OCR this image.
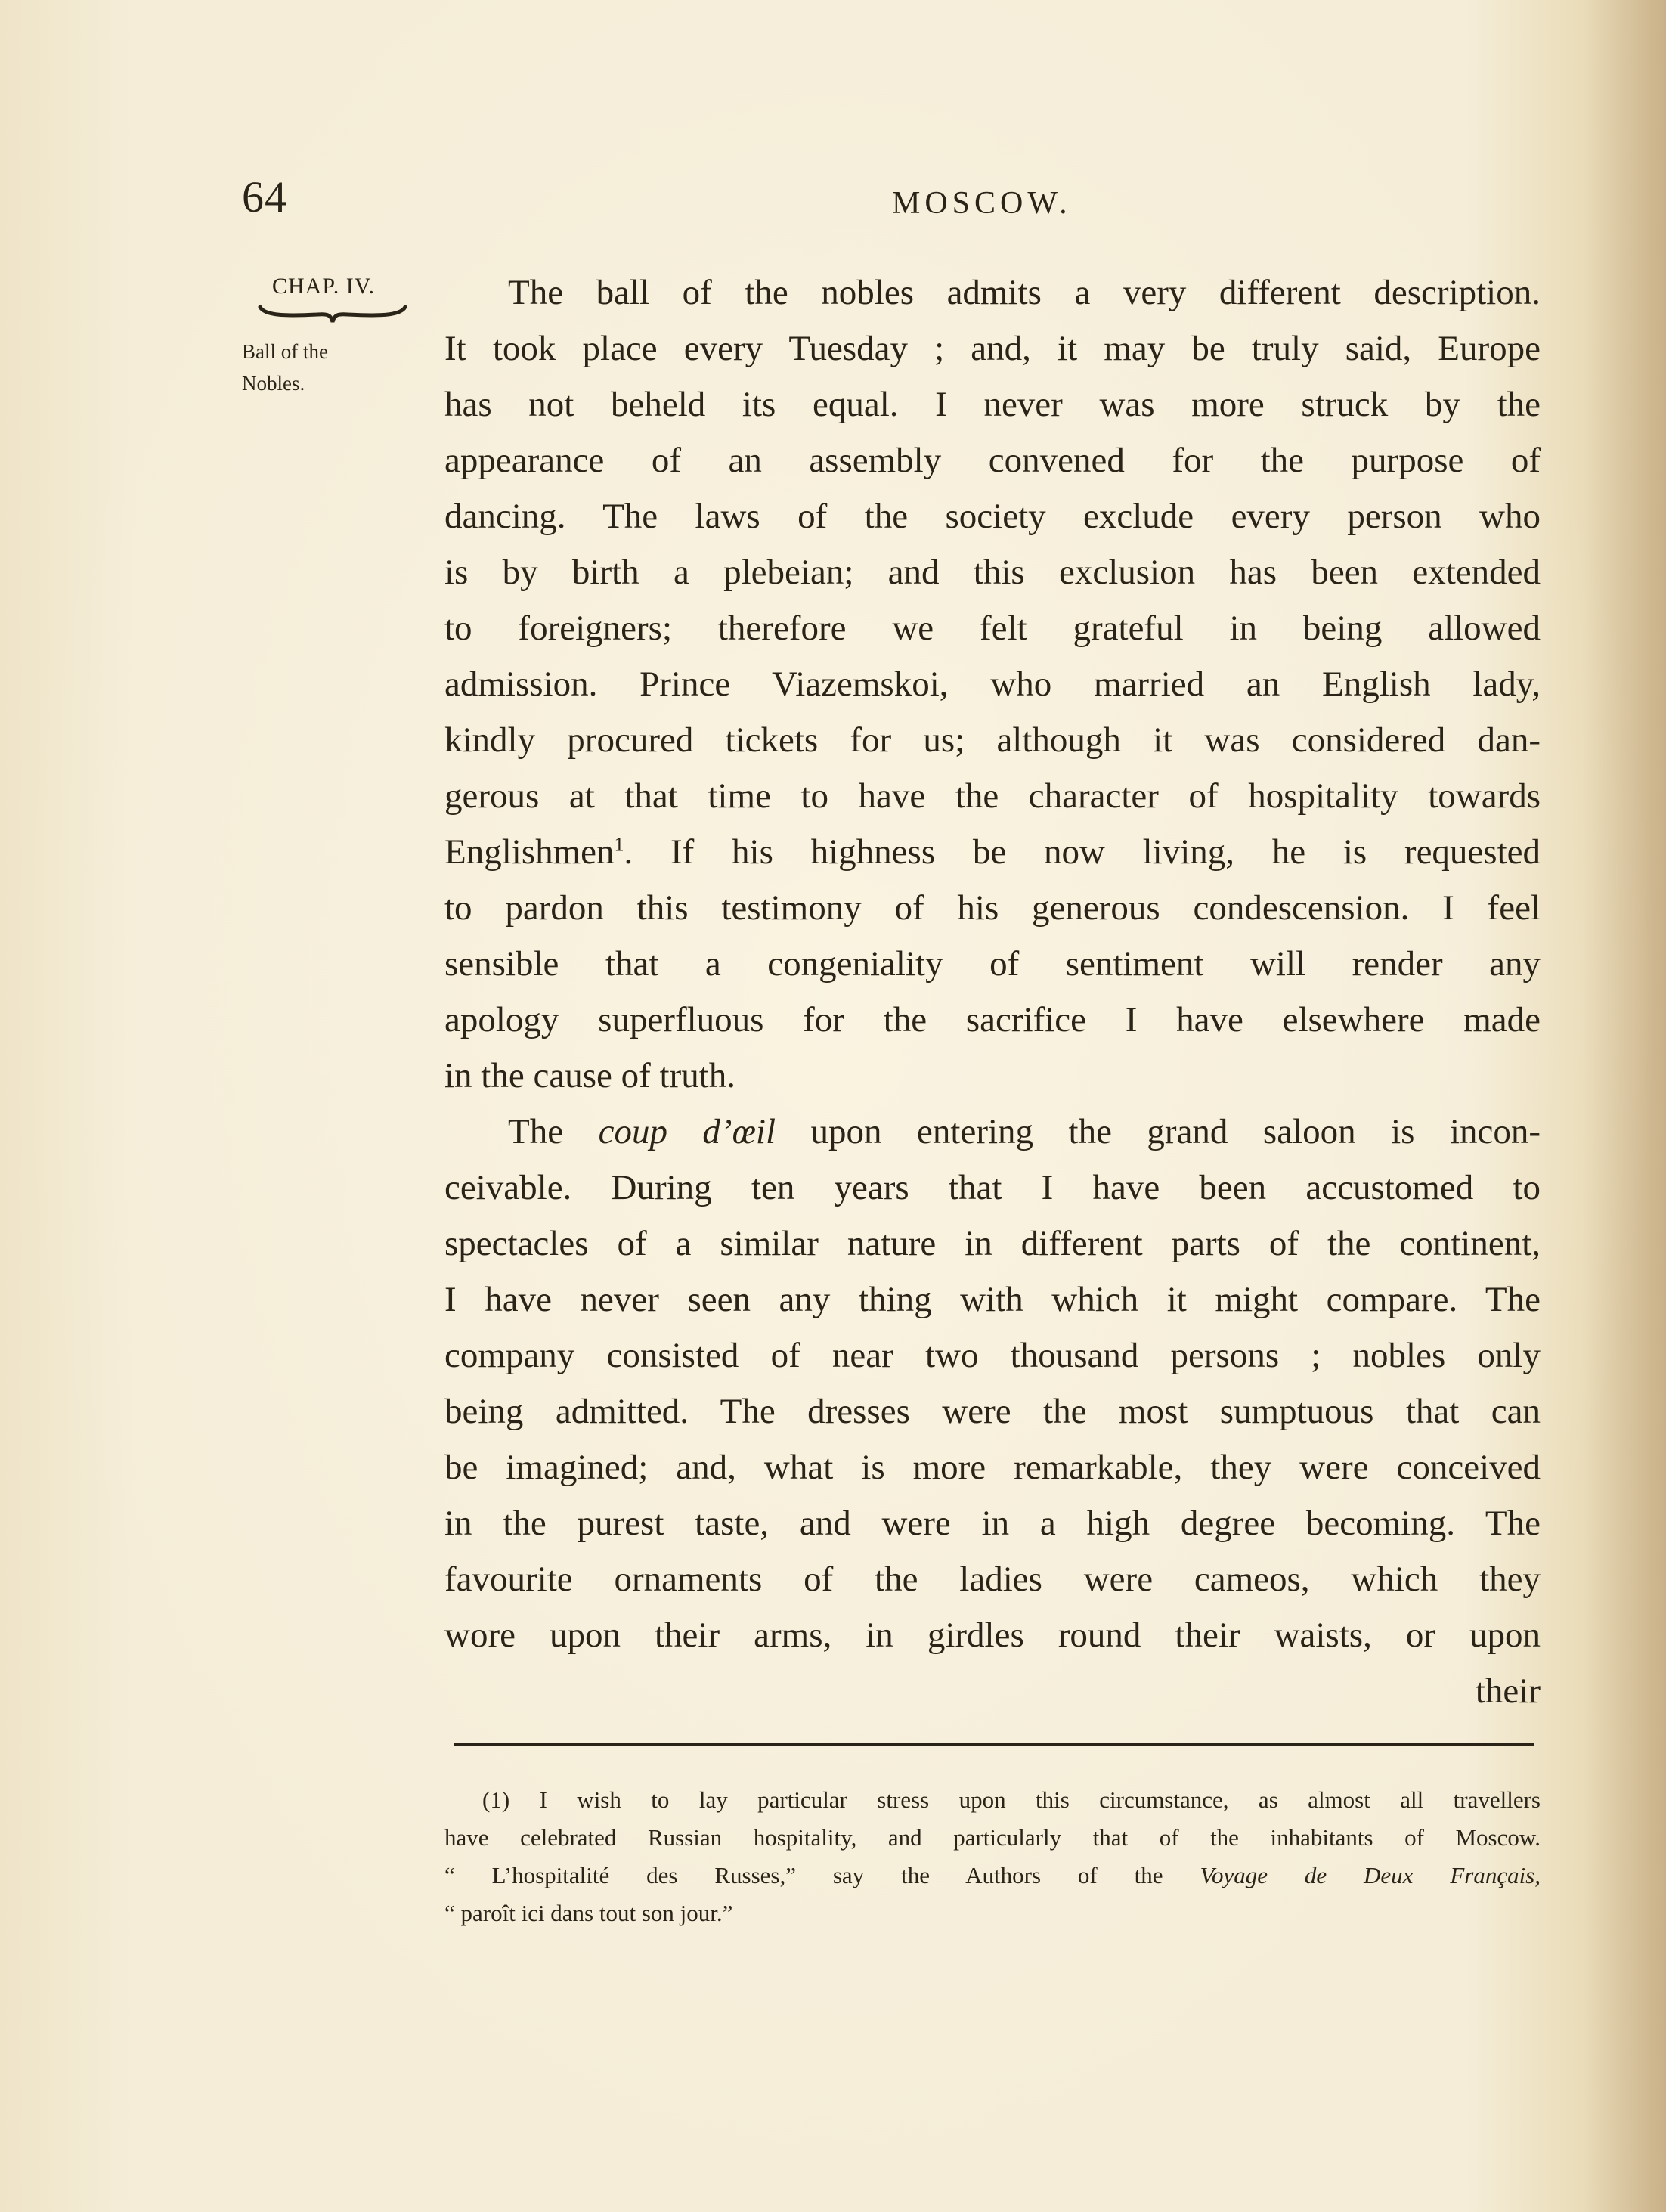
64	MOSCOW.
CHAP. IV.
Ball of the
Nobles.
The ball of the nobles admits a very different description.
It took place every Tuesday ; and, it may be truly said, Europe
has not beheld its equal. I never was more struck by the
appearance of an assembly convened for the purpose of
dancing. The laws of the society exclude every person who
is by birth a plebeian; and this exclusion has been extended
to foreigners; therefore we felt grateful in being allowed
admission. Prince Viazemskoi, who married an English lady,
kindly procured tickets for us; although it was considered dan-
gerous at that time to have the character of hospitality towards
Englishmen$^1$. If his highness be now living, he is requested
to pardon this testimony of his generous condescension. I feel
sensible that a congeniality of sentiment will render any
apology superfluous for the sacrifice I have elsewhere made
in the cause of truth.
The coup d’œil upon entering the grand saloon is incon-
ceivable. During ten years that I have been accustomed to
spectacles of a similar nature in different parts of the continent,
I have never seen any thing with which it might compare. The
company consisted of near two thousand persons ; nobles only
being admitted. The dresses were the most sumptuous that can
be imagined; and, what is more remarkable, they were conceived
in the purest taste, and were in a high degree becoming. The
favourite ornaments of the ladies were cameos, which they
wore upon their arms, in girdles round their waists, or upon
their
(1) I wish to lay particular stress upon this circumstance, as almost all travellers
have celebrated Russian hospitality, and particularly that of the inhabitants of Moscow.
“ L’hospitalité des Russes,” say the Authors of the Voyage de Deux Français,
“ paroît ici dans tout son jour.”
